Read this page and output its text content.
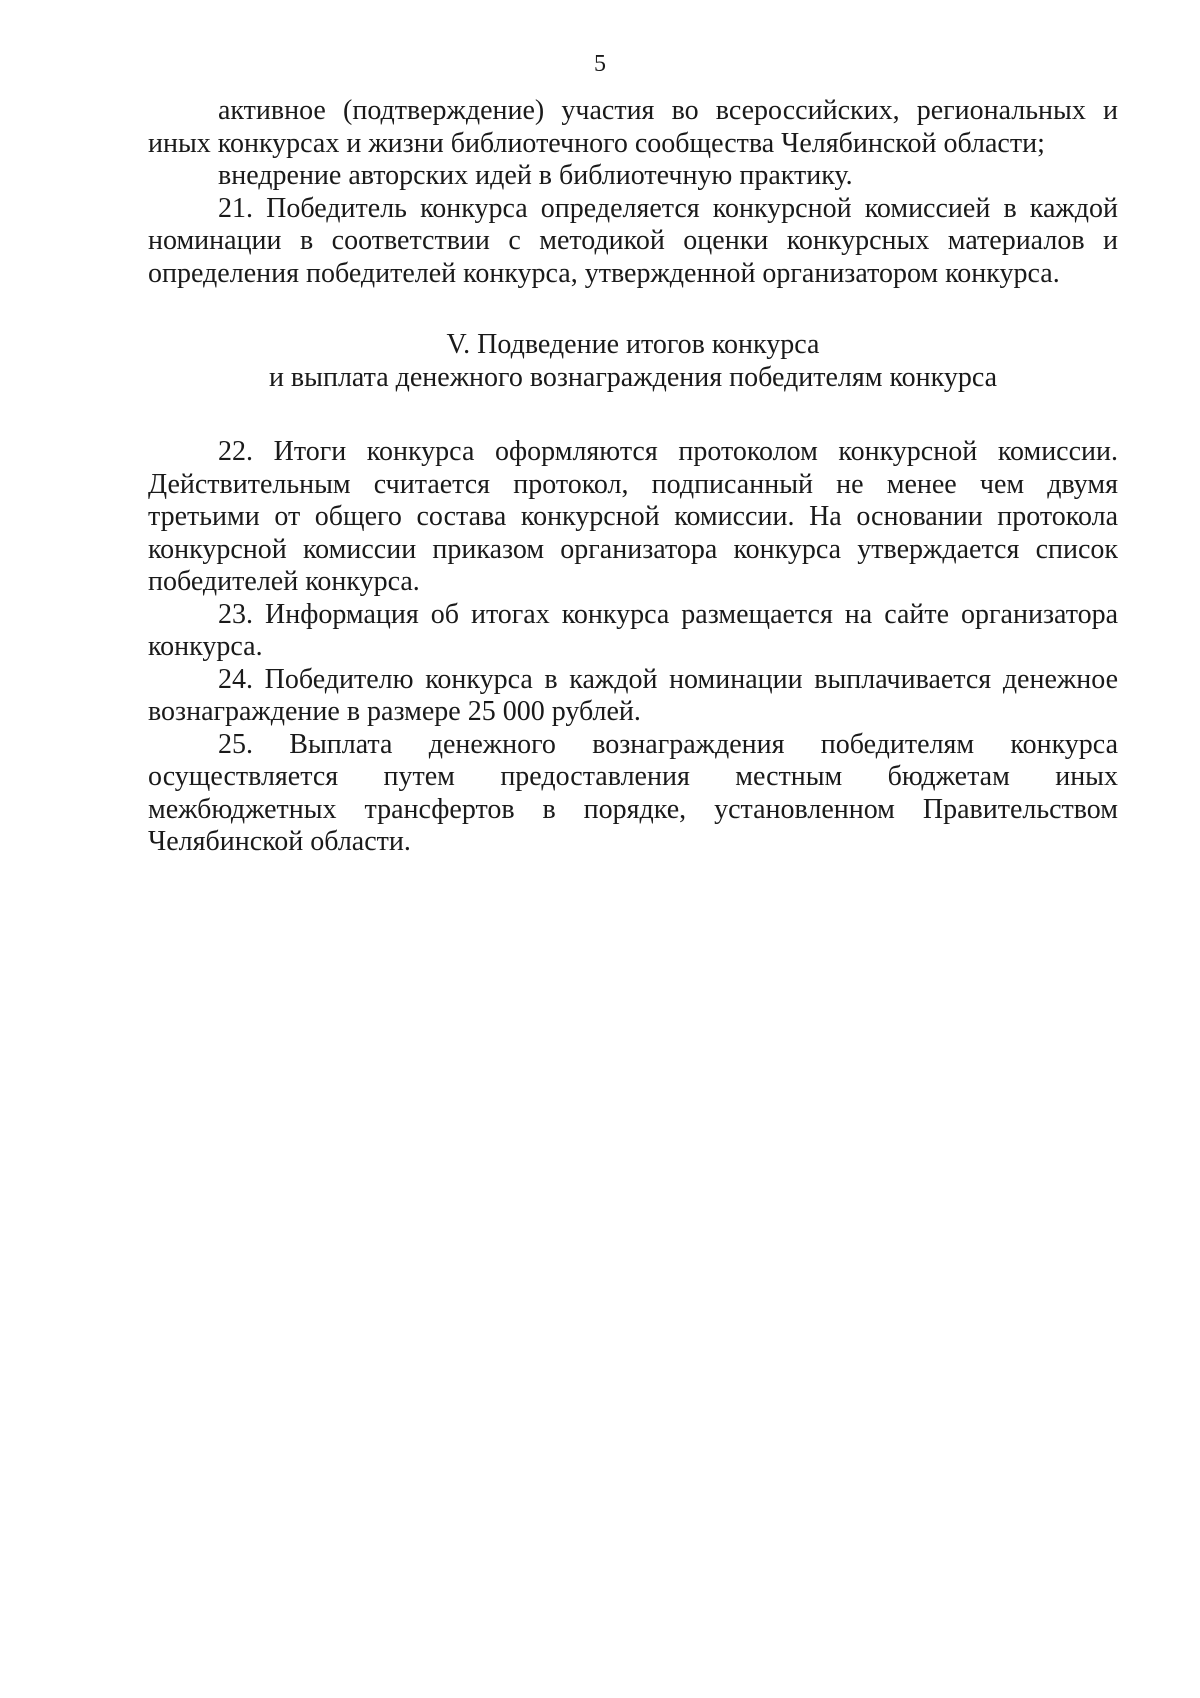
5

активное (подтверждение) участия во всероссийских, региональных и иных конкурсах и жизни библиотечного сообщества Челябинской области;

внедрение авторских идей в библиотечную практику.

21. Победитель конкурса определяется конкурсной комиссией в каждой номинации в соответствии с методикой оценки конкурсных материалов и определения победителей конкурса, утвержденной организатором конкурса.

V. Подведение итогов конкурса
и выплата денежного вознаграждения победителям конкурса

22. Итоги конкурса оформляются протоколом конкурсной комиссии. Действительным считается протокол, подписанный не менее чем двумя третьими от общего состава конкурсной комиссии. На основании протокола конкурсной комиссии приказом организатора конкурса утверждается список победителей конкурса.

23. Информация об итогах конкурса размещается на сайте организатора конкурса.

24. Победителю конкурса в каждой номинации выплачивается денежное вознаграждение в размере 25 000 рублей.

25. Выплата денежного вознаграждения победителям конкурса осуществляется путем предоставления местным бюджетам иных межбюджетных трансфертов в порядке, установленном Правительством Челябинской области.
